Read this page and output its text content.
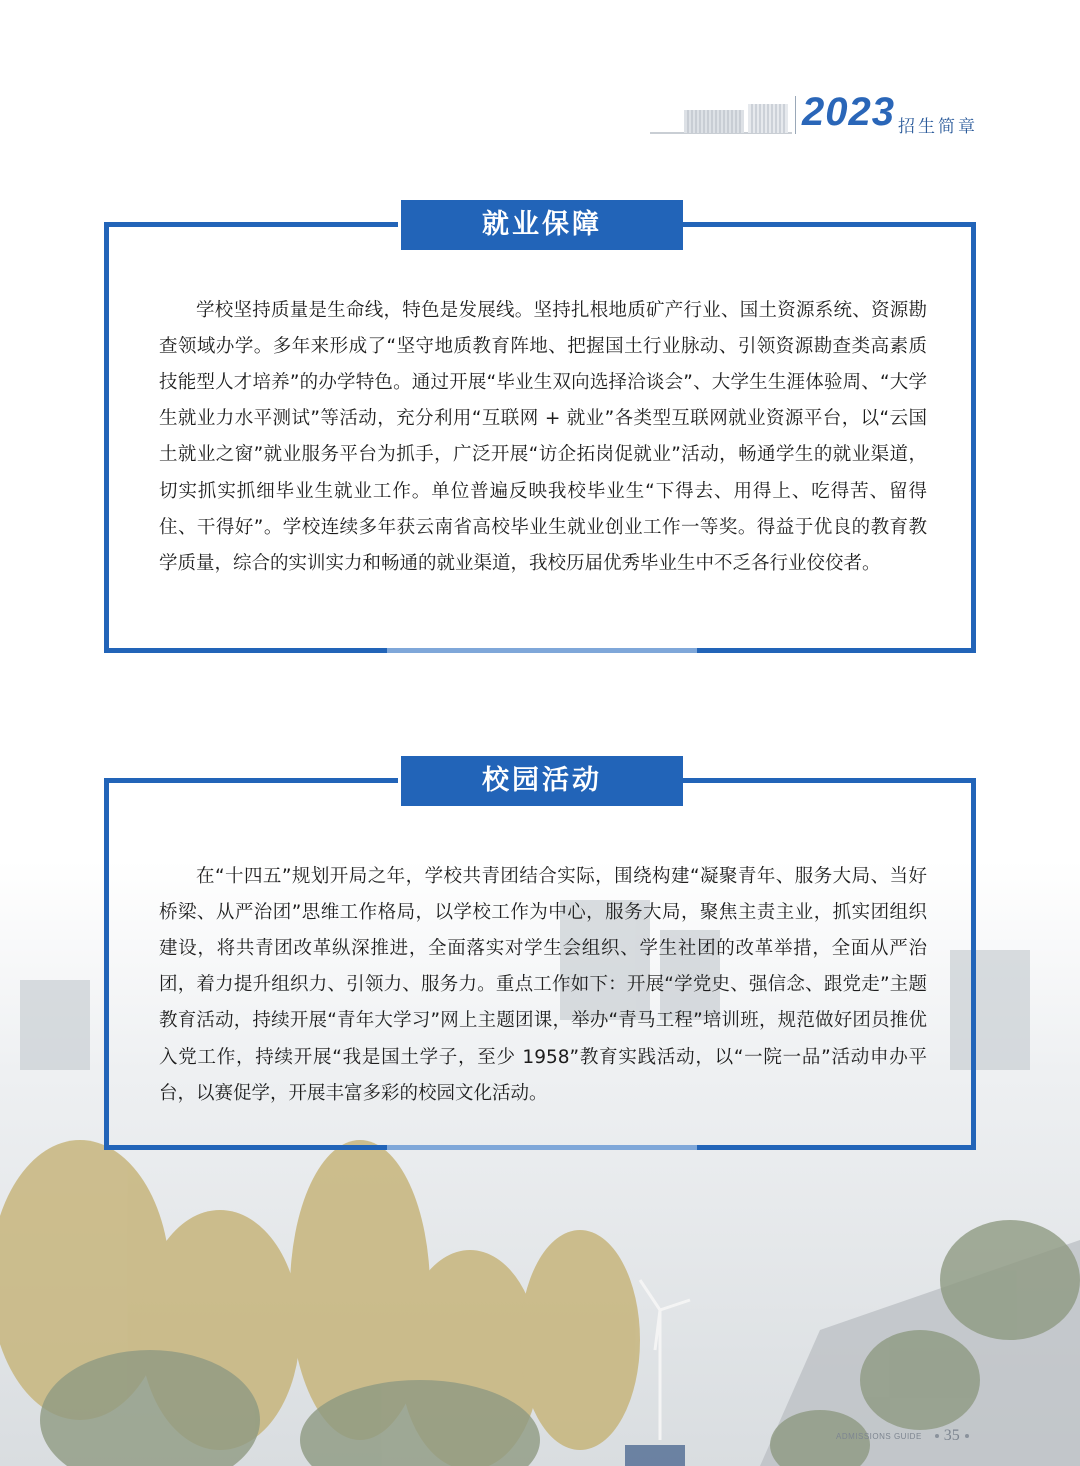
2023 招生简章
就业保障

学校坚持质量是生命线，特色是发展线。坚持扎根地质矿产行业、国土资源系统、资源勘查领域办学。多年来形成了“坚守地质教育阵地、把握国土行业脉动、引领资源勘查类高素质技能型人才培养”的办学特色。通过开展“毕业生双向选择洽谈会”、大学生生涯体验周、“大学生就业力水平测试”等活动，充分利用“互联网 + 就业”各类型互联网就业资源平台，以“云国土就业之窗”就业服务平台为抓手，广泛开展“访企拓岗促就业”活动，畅通学生的就业渠道，切实抓实抓细毕业生就业工作。单位普遍反映我校毕业生“下得去、用得上、吃得苦、留得住、干得好”。学校连续多年获云南省高校毕业生就业创业工作一等奖。得益于优良的教育教学质量，综合的实训实力和畅通的就业渠道，我校历届优秀毕业生中不乏各行业佼佼者。

校园活动

在“十四五”规划开局之年，学校共青团结合实际，围绕构建“凝聚青年、服务大局、当好桥梁、从严治团”思维工作格局，以学校工作为中心，服务大局，聚焦主责主业，抓实团组织建设，将共青团改革纵深推进，全面落实对学生会组织、学生社团的改革举措，全面从严治团，着力提升组织力、引领力、服务力。重点工作如下：开展“学党史、强信念、跟党走”主题教育活动，持续开展“青年大学习”网上主题团课，举办“青马工程”培训班，规范做好团员推优入党工作，持续开展“我是国土学子，至少 1958”教育实践活动，以“一院一品”活动申办平台，以赛促学，开展丰富多彩的校园文化活动。

ADMISSIONS GUIDE 35
